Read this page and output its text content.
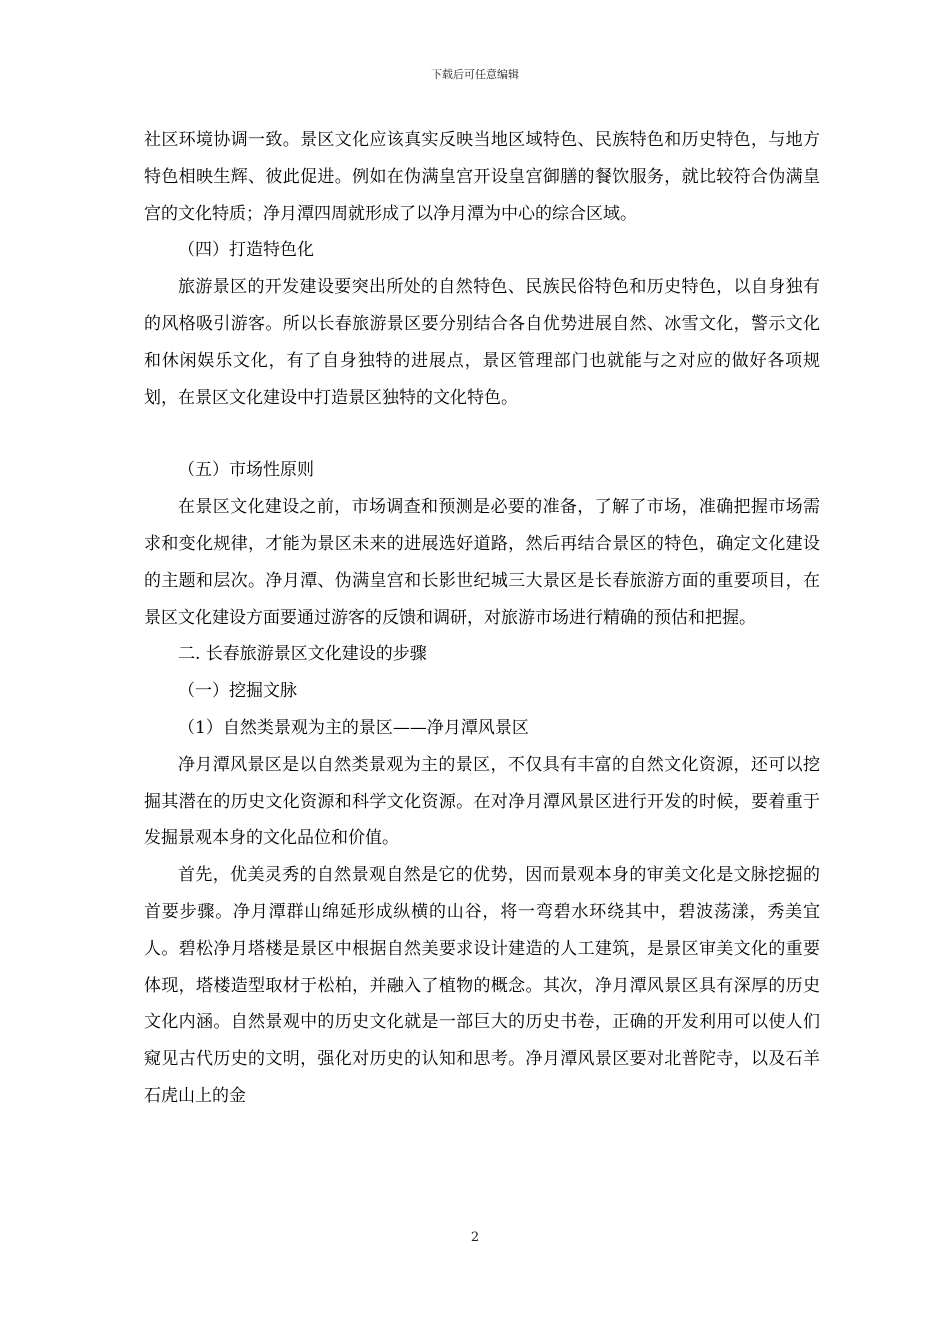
下载后可任意编辑

社区环境协调一致。景区文化应该真实反映当地区域特色、民族特色和历史特色，与地方特色相映生辉、彼此促进。例如在伪满皇宫开设皇宫御膳的餐饮服务，就比较符合伪满皇宫的文化特质；净月潭四周就形成了以净月潭为中心的综合区域。

（四）打造特色化

旅游景区的开发建设要突出所处的自然特色、民族民俗特色和历史特色，以自身独有的风格吸引游客。所以长春旅游景区要分别结合各自优势进展自然、冰雪文化，警示文化和休闲娱乐文化，有了自身独特的进展点，景区管理部门也就能与之对应的做好各项规划，在景区文化建设中打造景区独特的文化特色。

（五）市场性原则

在景区文化建设之前，市场调查和预测是必要的准备，了解了市场，准确把握市场需求和变化规律，才能为景区未来的进展选好道路，然后再结合景区的特色，确定文化建设的主题和层次。净月潭、伪满皇宫和长影世纪城三大景区是长春旅游方面的重要项目，在景区文化建设方面要通过游客的反馈和调研，对旅游市场进行精确的预估和把握。

二. 长春旅游景区文化建设的步骤

（一）挖掘文脉

（1）自然类景观为主的景区——净月潭风景区

净月潭风景区是以自然类景观为主的景区，不仅具有丰富的自然文化资源，还可以挖掘其潜在的历史文化资源和科学文化资源。在对净月潭风景区进行开发的时候，要着重于发掘景观本身的文化品位和价值。

首先，优美灵秀的自然景观自然是它的优势，因而景观本身的审美文化是文脉挖掘的首要步骤。净月潭群山绵延形成纵横的山谷，将一弯碧水环绕其中，碧波荡漾，秀美宜人。碧松净月塔楼是景区中根据自然美要求设计建造的人工建筑，是景区审美文化的重要体现，塔楼造型取材于松柏，并融入了植物的概念。其次，净月潭风景区具有深厚的历史文化内涵。自然景观中的历史文化就是一部巨大的历史书卷，正确的开发利用可以使人们窥见古代历史的文明，强化对历史的认知和思考。净月潭风景区要对北普陀寺，以及石羊石虎山上的金

2
